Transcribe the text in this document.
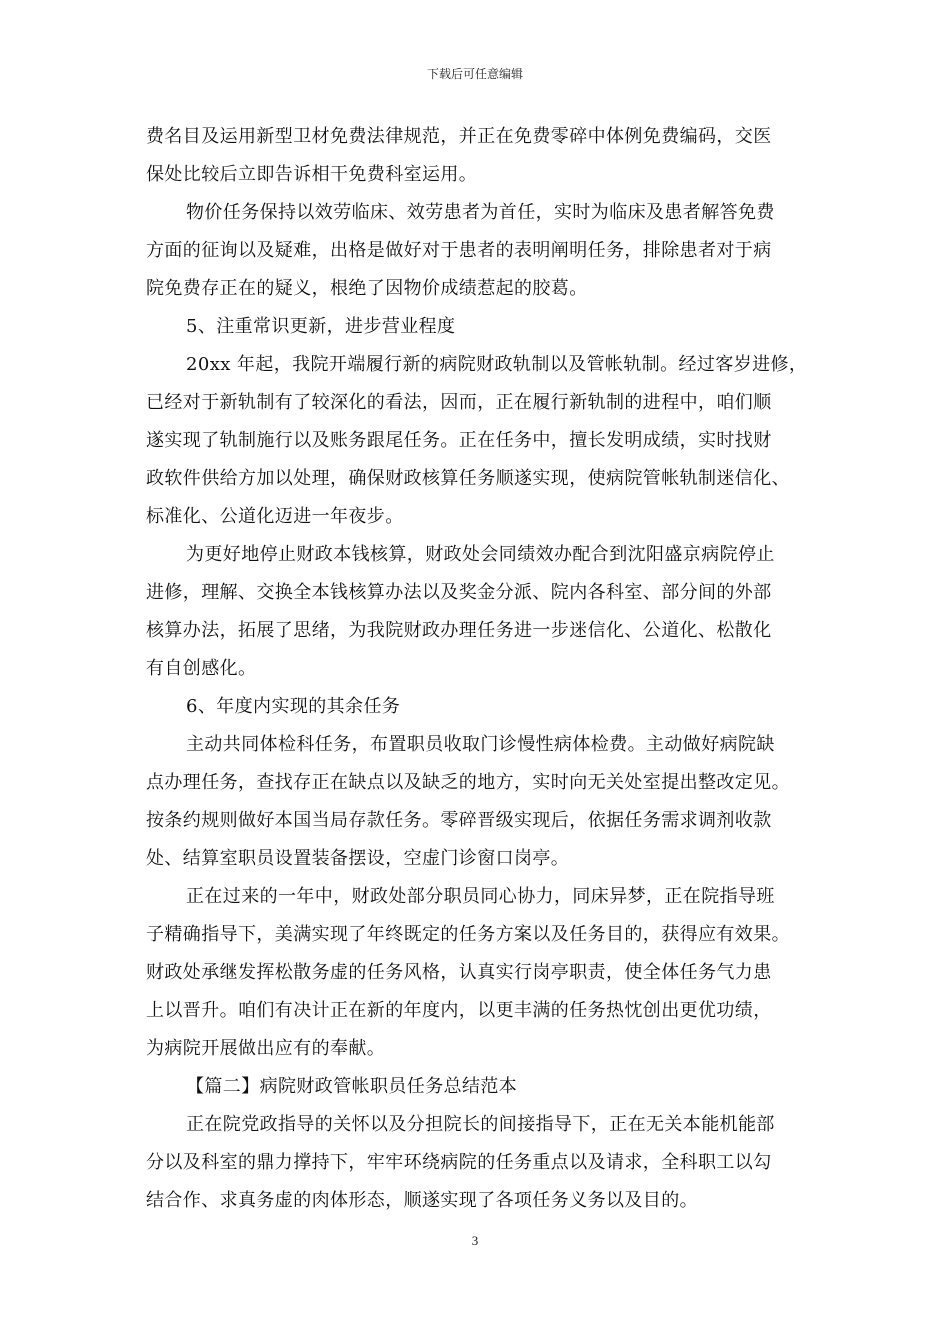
下载后可任意编辑
费名目及运用新型卫材免费法律规范，并正在免费零碎中体例免费编码，交医
保处比较后立即告诉相干免费科室运用。
物价任务保持以效劳临床、效劳患者为首任，实时为临床及患者解答免费
方面的征询以及疑难，出格是做好对于患者的表明阐明任务，排除患者对于病
院免费存正在的疑义，根绝了因物价成绩惹起的胶葛。
5、注重常识更新，进步营业程度
20xx 年起，我院开端履行新的病院财政轨制以及管帐轨制。经过客岁进修，
已经对于新轨制有了较深化的看法，因而，正在履行新轨制的进程中，咱们顺
遂实现了轨制施行以及账务跟尾任务。正在任务中，擅长发明成绩，实时找财
政软件供给方加以处理，确保财政核算任务顺遂实现，使病院管帐轨制迷信化、
标准化、公道化迈进一年夜步。
为更好地停止财政本钱核算，财政处会同绩效办配合到沈阳盛京病院停止
进修，理解、交换全本钱核算办法以及奖金分派、院内各科室、部分间的外部
核算办法，拓展了思绪，为我院财政办理任务进一步迷信化、公道化、松散化
有自创感化。
6、年度内实现的其余任务
主动共同体检科任务，布置职员收取门诊慢性病体检费。主动做好病院缺
点办理任务，查找存正在缺点以及缺乏的地方，实时向无关处室提出整改定见。
按条约规则做好本国当局存款任务。零碎晋级实现后，依据任务需求调剂收款
处、结算室职员设置装备摆设，空虚门诊窗口岗亭。
正在过来的一年中，财政处部分职员同心协力，同床异梦，正在院指导班
子精确指导下，美满实现了年终既定的任务方案以及任务目的，获得应有效果。
财政处承继发挥松散务虚的任务风格，认真实行岗亭职责，使全体任务气力患
上以晋升。咱们有决计正在新的年度内，以更丰满的任务热忱创出更优功绩，
为病院开展做出应有的奉献。
【篇二】病院财政管帐职员任务总结范本
正在院党政指导的关怀以及分担院长的间接指导下，正在无关本能机能部
分以及科室的鼎力撑持下，牢牢环绕病院的任务重点以及请求，全科职工以勾
结合作、求真务虚的肉体形态，顺遂实现了各项任务义务以及目的。
3
